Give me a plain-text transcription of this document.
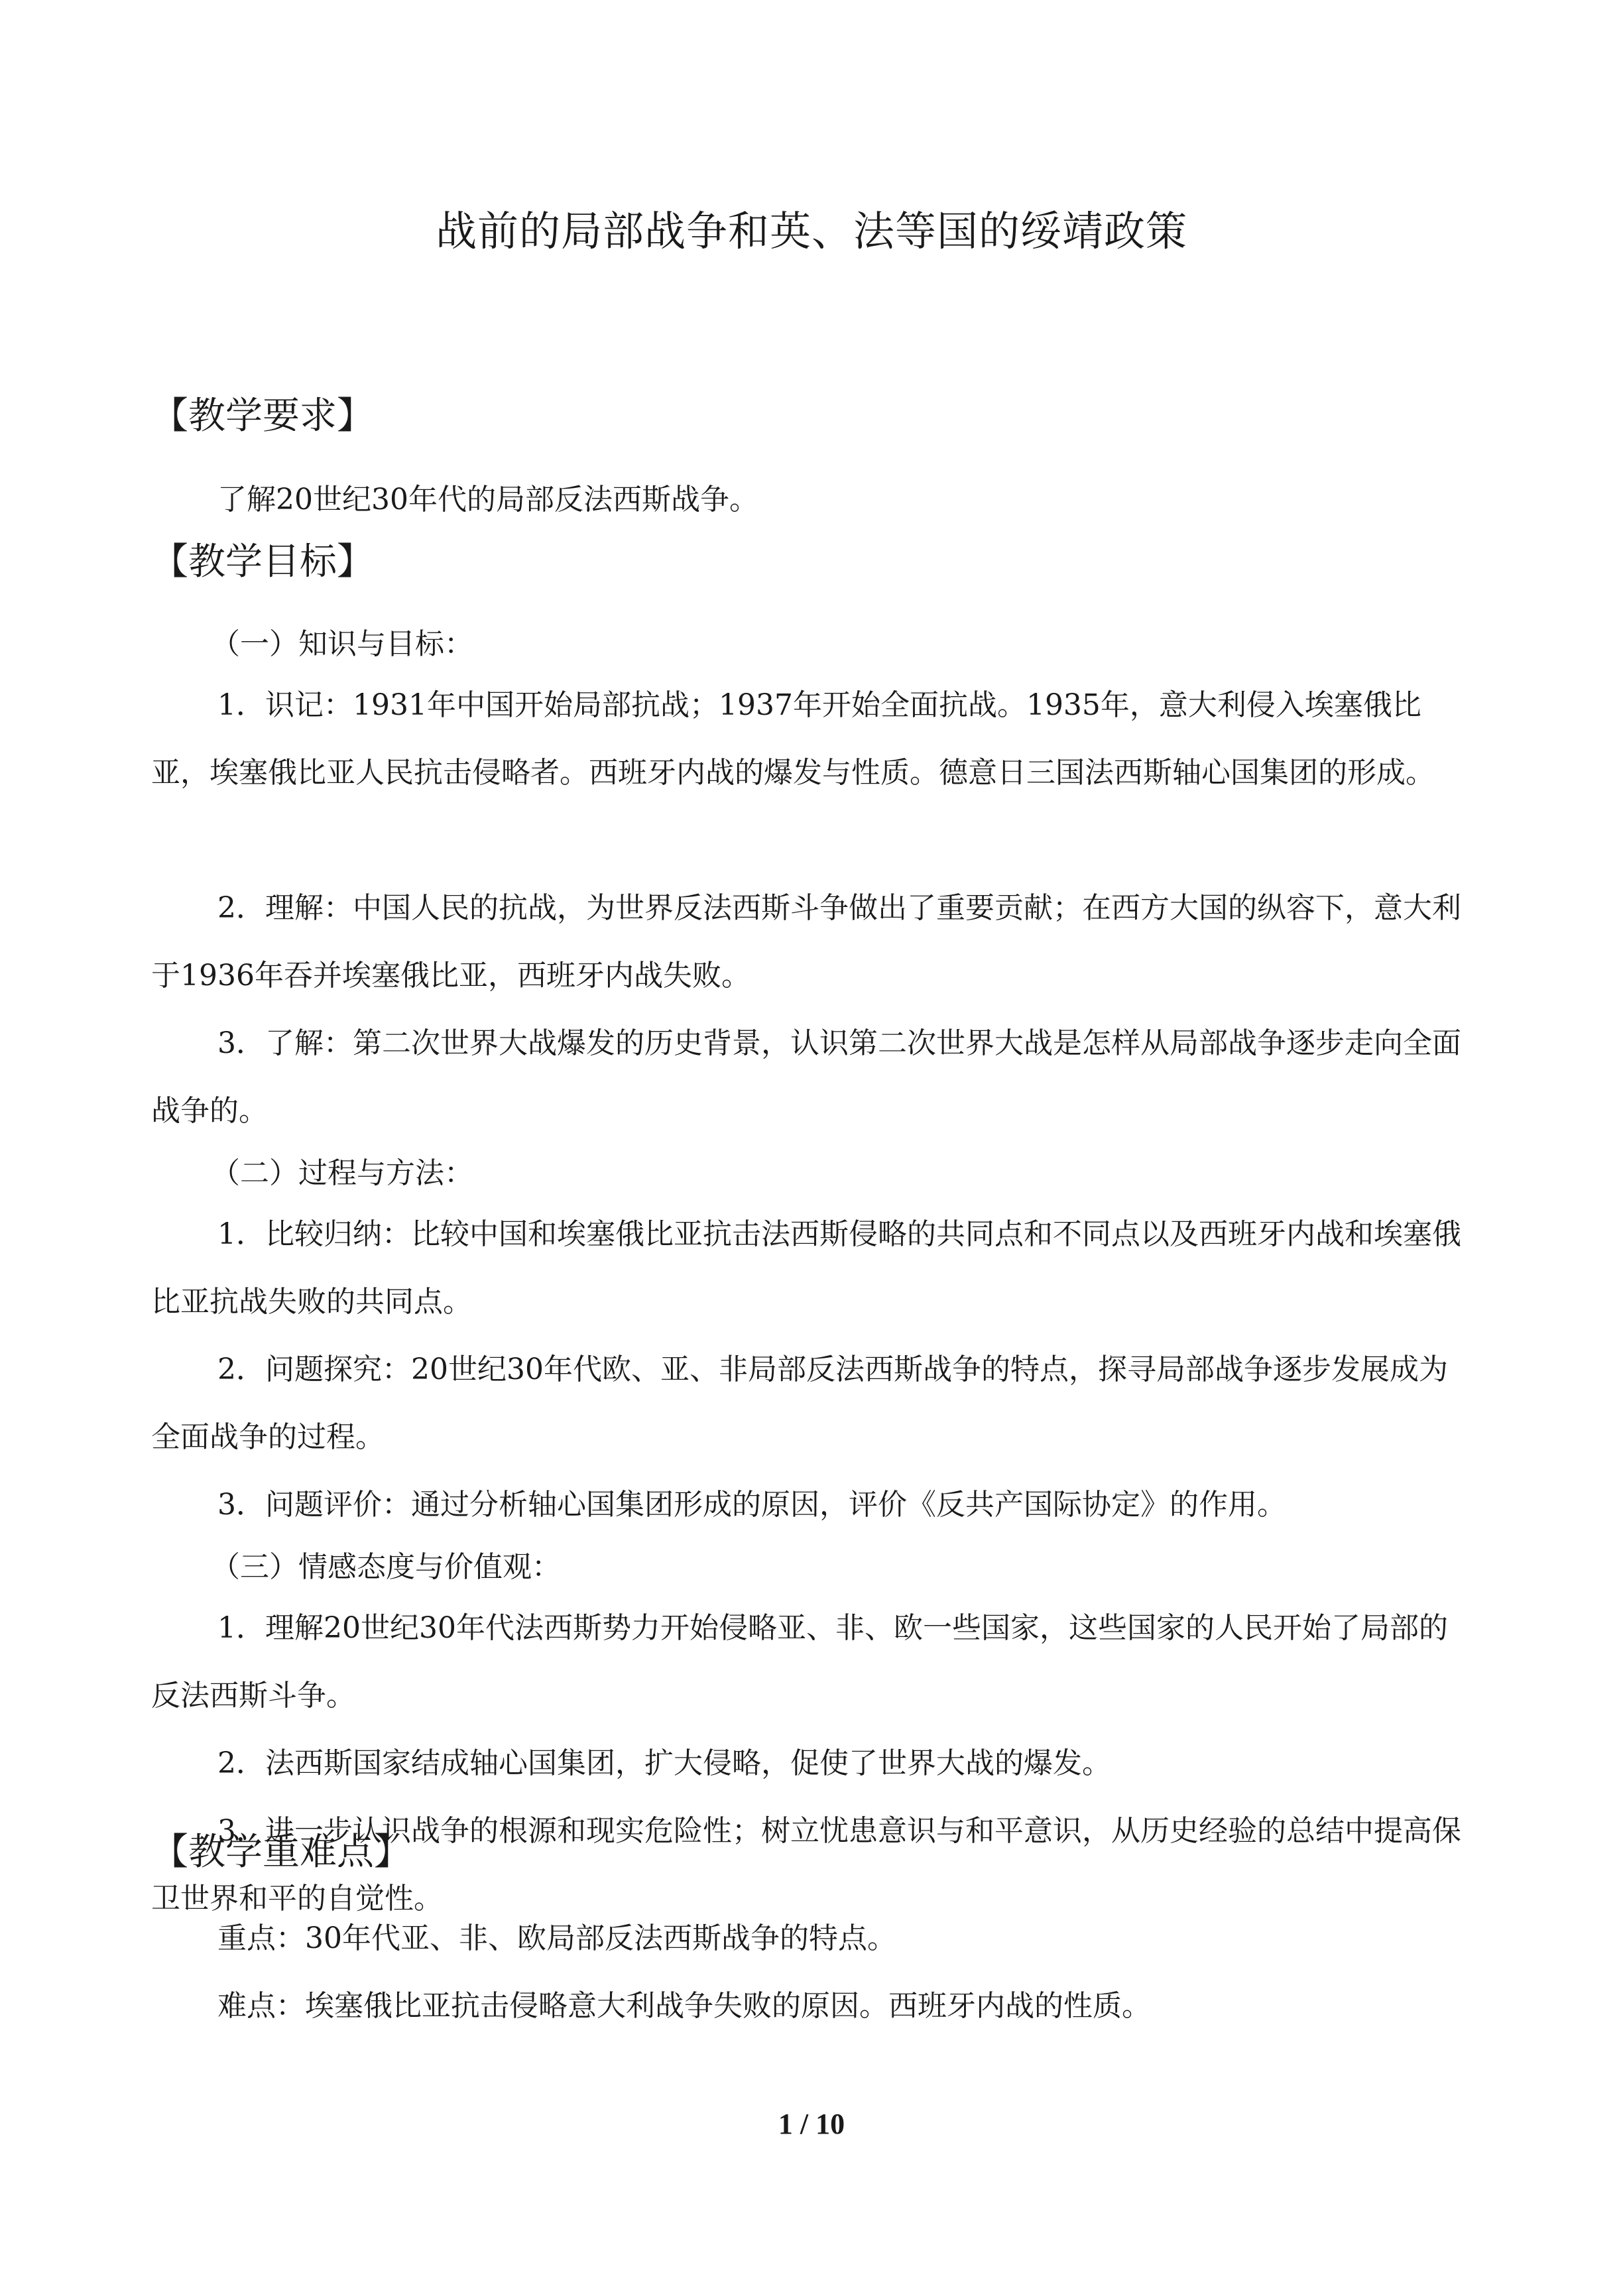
战前的局部战争和英、法等国的绥靖政策
【教学要求】

了解20世纪30年代的局部反法西斯战争。

【教学目标】
（一）知识与目标：

1．识记：1931年中国开始局部抗战；1937年开始全面抗战。1935年，意大利侵入埃塞俄比亚，埃塞俄比亚人民抗击侵略者。西班牙内战的爆发与性质。德意日三国法西斯轴心国集团的形成。

2．理解：中国人民的抗战，为世界反法西斯斗争做出了重要贡献；在西方大国的纵容下，意大利于1936年吞并埃塞俄比亚，西班牙内战失败。

3．了解：第二次世界大战爆发的历史背景，认识第二次世界大战是怎样从局部战争逐步走向全面战争的。

（二）过程与方法：

1．比较归纳：比较中国和埃塞俄比亚抗击法西斯侵略的共同点和不同点以及西班牙内战和埃塞俄比亚抗战失败的共同点。

2．问题探究：20世纪30年代欧、亚、非局部反法西斯战争的特点，探寻局部战争逐步发展成为全面战争的过程。

3．问题评价：通过分析轴心国集团形成的原因，评价《反共产国际协定》的作用。

（三）情感态度与价值观：

1．理解20世纪30年代法西斯势力开始侵略亚、非、欧一些国家，这些国家的人民开始了局部的反法西斯斗争。

2．法西斯国家结成轴心国集团，扩大侵略，促使了世界大战的爆发。

3．进一步认识战争的根源和现实危险性；树立忧患意识与和平意识，从历史经验的总结中提高保卫世界和平的自觉性。

【教学重难点】

重点：30年代亚、非、欧局部反法西斯战争的特点。

难点：埃塞俄比亚抗击侵略意大利战争失败的原因。西班牙内战的性质。

1 / 10
